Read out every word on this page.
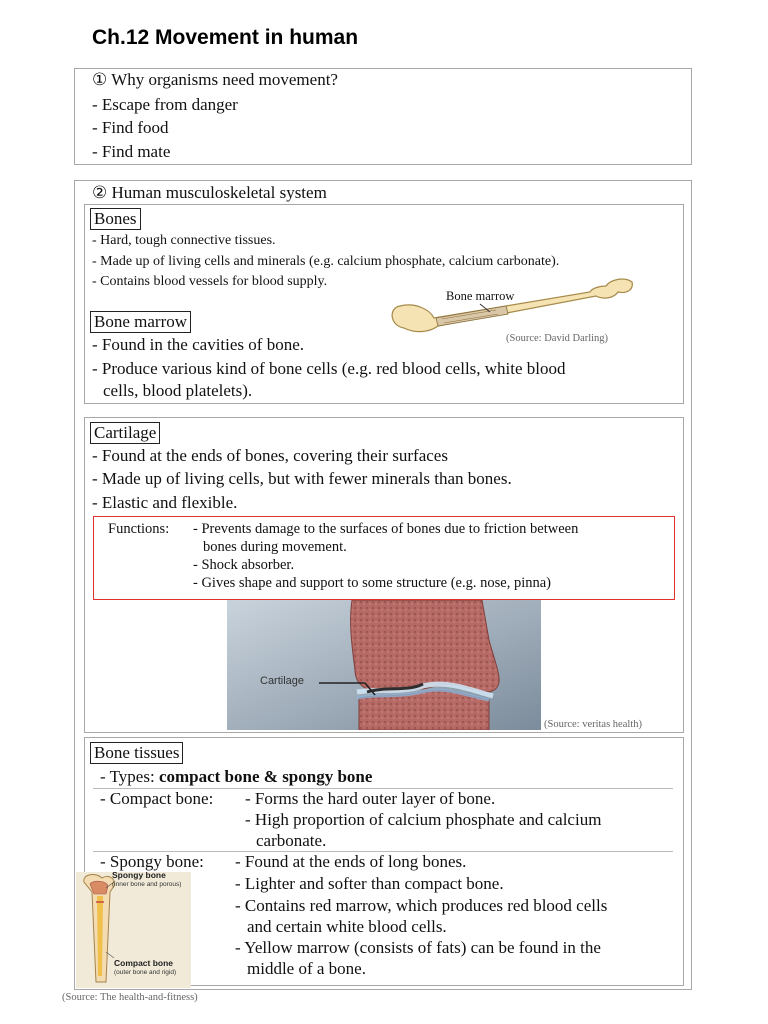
Ch.12 Movement in human
① Why organisms need movement?
- Escape from danger
- Find food
- Find mate
② Human musculoskeletal system
Bones
- Hard, tough connective tissues.
- Made up of living cells and minerals (e.g. calcium phosphate, calcium carbonate).
- Contains blood vessels for blood supply.
Bone marrow
(Source: David Darling)
Bone marrow
- Found in the cavities of bone.
- Produce various kind of bone cells (e.g. red blood cells, white blood
cells, blood platelets).
Cartilage
- Found at the ends of bones, covering their surfaces
- Made up of living cells, but with fewer minerals than bones.
- Elastic and flexible.
Functions: - Prevents damage to the surfaces of bones due to friction between
bones during movement.
- Shock absorber.
- Gives shape and support to some structure (e.g. nose, pinna)
Cartilage
(Source: veritas health)
Bone tissues
- Types: compact bone & spongy bone
- Compact bone: - Forms the hard outer layer of bone.
- High proportion of calcium phosphate and calcium
carbonate.
- Spongy bone: - Found at the ends of long bones.
- Lighter and softer than compact bone.
- Contains red marrow, which produces red blood cells
and certain white blood cells.
- Yellow marrow (consists of fats) can be found in the
middle of a bone.
Spongy bone
(inner bone and porous)
Compact bone
(outer bone and rigid)
(Source: The health-and-fitness)
